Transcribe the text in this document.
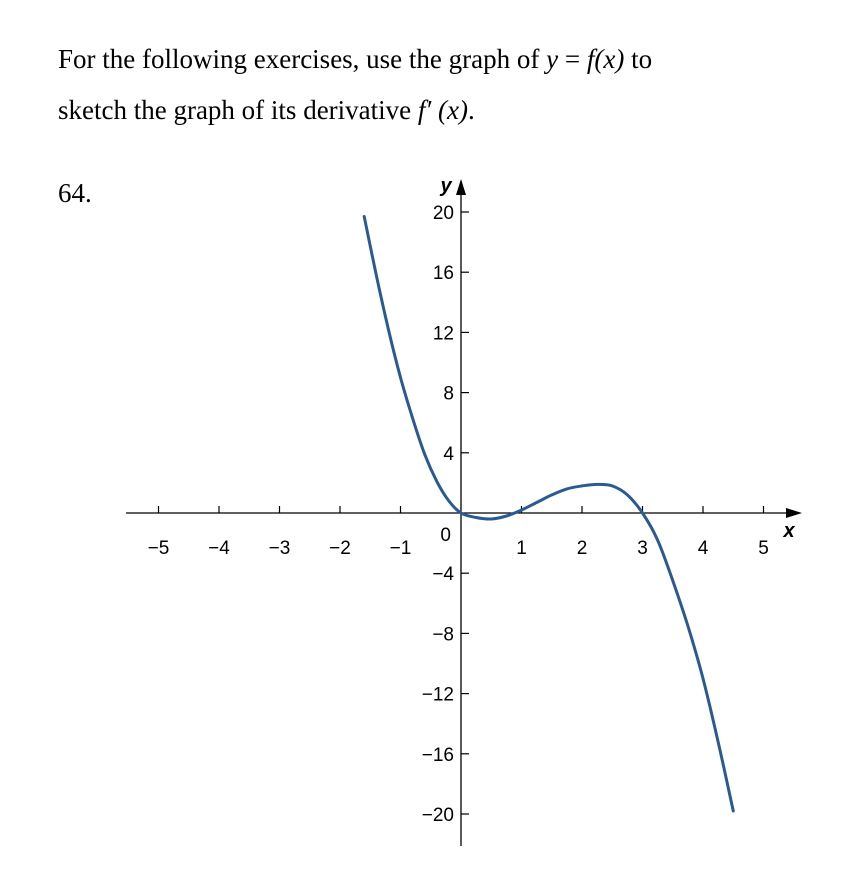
For the following exercises, use the graph of y = f(x) to
sketch the graph of its derivative f′ (x).
64.
−5 −4 −3 −2 −1	1	2	3	4	5
20
16
12
8
4
−4
−8
−12
−16
−20
0
y
x
